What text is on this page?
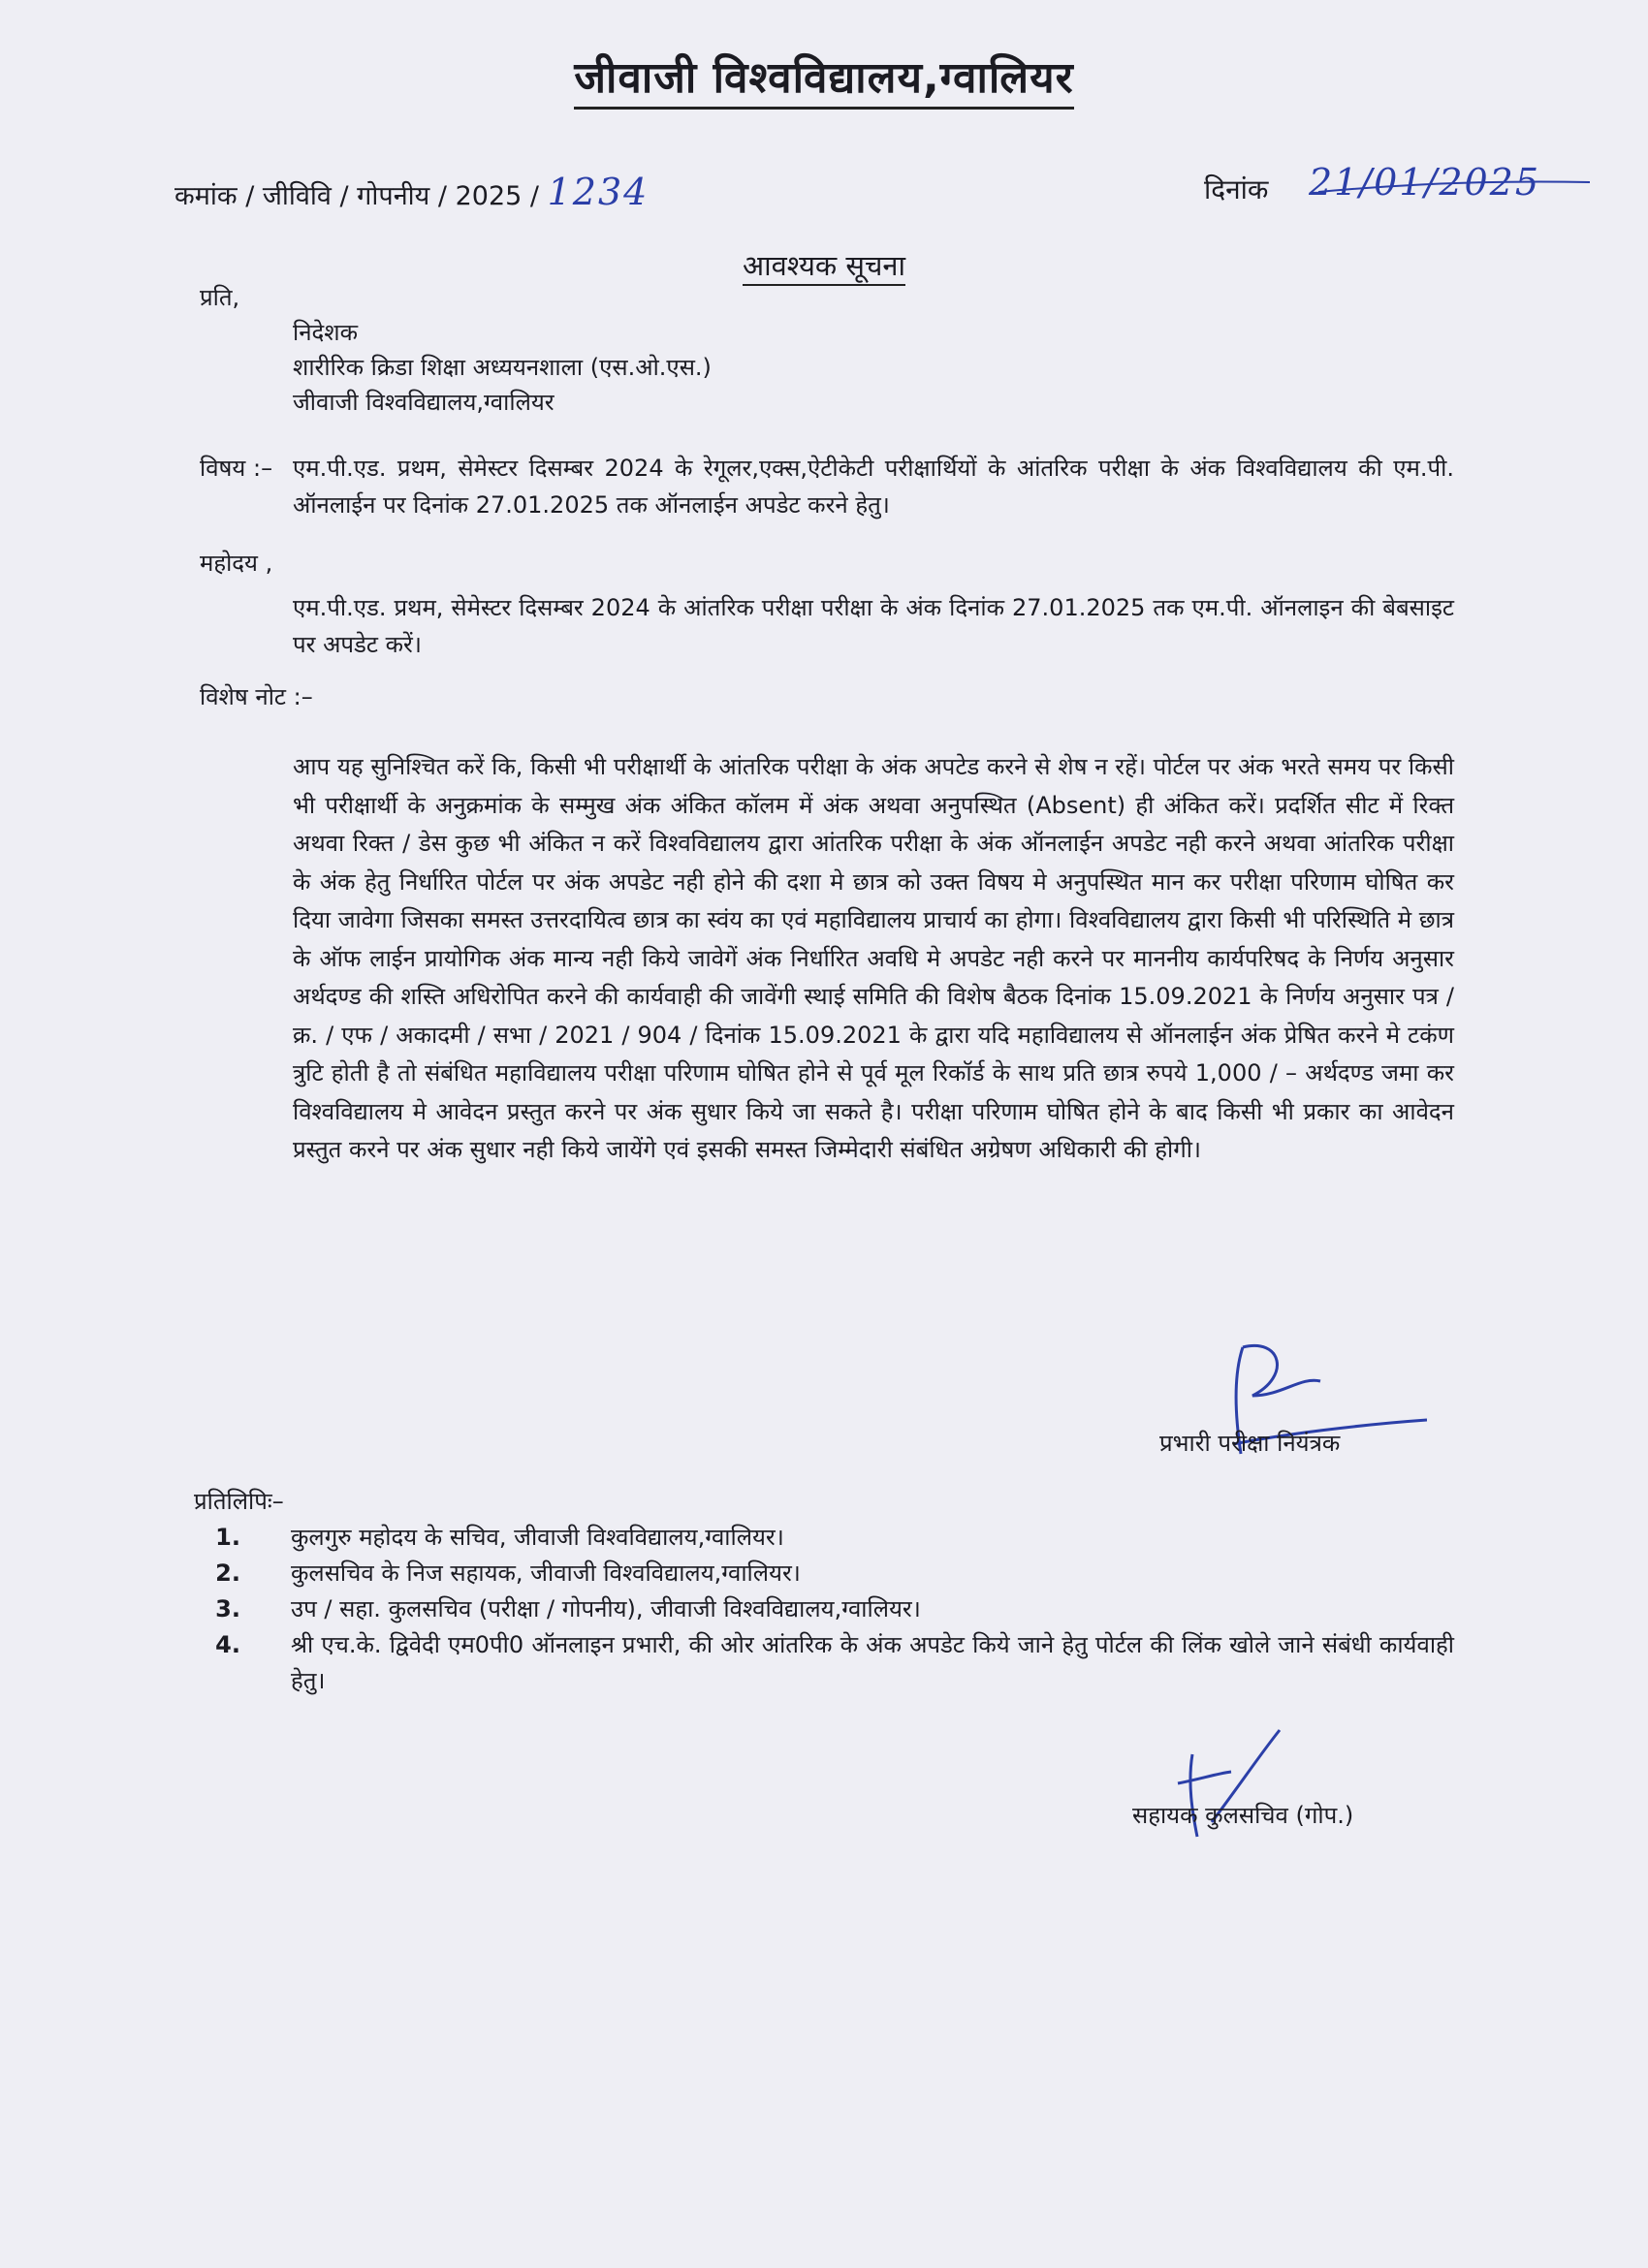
जीवाजी विश्वविद्यालय,ग्वालियर
कमांक / जीविवि / गोपनीय / 2025 / 1234	दिनांक 21/01/2025
आवश्यक सूचना
प्रति,
निदेशक
शारीरिक क्रिडा शिक्षा अध्ययनशाला (एस.ओ.एस.)
जीवाजी विश्वविद्यालय,ग्वालियर
विषय :– एम.पी.एड. प्रथम, सेमेस्टर दिसम्बर 2024 के रेगूलर,एक्स,ऐटीकेटी परीक्षार्थियों के आंतरिक परीक्षा के अंक विश्वविद्यालय की एम.पी. ऑनलाईन पर दिनांक 27.01.2025 तक ऑनलाईन अपडेट करने हेतु।
महोदय ,
एम.पी.एड. प्रथम, सेमेस्टर दिसम्बर 2024 के आंतरिक परीक्षा परीक्षा के अंक दिनांक 27.01.2025 तक एम.पी. ऑनलाइन की बेबसाइट पर अपडेट करें।
विशेष नोट :–
आप यह सुनिश्चित करें कि, किसी भी परीक्षार्थी के आंतरिक परीक्षा के अंक अपटेड करने से शेष न रहें। पोर्टल पर अंक भरते समय पर किसी भी परीक्षार्थी के अनुक्रमांक के सम्मुख अंक अंकित कॉलम में अंक अथवा अनुपस्थित (Absent) ही अंकित करें। प्रदर्शित सीट में रिक्त अथवा रिक्त / डेस कुछ भी अंकित न करें विश्वविद्यालय द्वारा आंतरिक परीक्षा के अंक ऑनलाईन अपडेट नही करने अथवा आंतरिक परीक्षा के अंक हेतु निर्धारित पोर्टल पर अंक अपडेट नही होने की दशा मे छात्र को उक्त विषय मे अनुपस्थित मान कर परीक्षा परिणाम घोषित कर दिया जावेगा जिसका समस्त उत्तरदायित्व छात्र का स्वंय का एवं महाविद्यालय प्राचार्य का होगा। विश्वविद्यालय द्वारा किसी भी परिस्थिति मे छात्र के ऑफ लाईन प्रायोगिक अंक मान्य नही किये जावेगें अंक निर्धारित अवधि मे अपडेट नही करने पर माननीय कार्यपरिषद के निर्णय अनुसार अर्थदण्ड की शस्ति अधिरोपित करने की कार्यवाही की जावेंगी स्थाई समिति की विशेष बैठक दिनांक 15.09.2021 के निर्णय अनुसार पत्र / क्र. / एफ / अकादमी / सभा / 2021 / 904 / दिनांक 15.09.2021 के द्वारा यदि महाविद्यालय से ऑनलाईन अंक प्रेषित करने मे टकंण त्रुटि होती है तो संबंधित महाविद्यालय परीक्षा परिणाम घोषित होने से पूर्व मूल रिकॉर्ड के साथ प्रति छात्र रुपये 1,000 / – अर्थदण्ड जमा कर विश्वविद्यालय मे आवेदन प्रस्तुत करने पर अंक सुधार किये जा सकते है। परीक्षा परिणाम घोषित होने के बाद किसी भी प्रकार का आवेदन प्रस्तुत करने पर अंक सुधार नही किये जायेंगे एवं इसकी समस्त जिम्मेदारी संबंधित अग्रेषण अधिकारी की होगी।
प्रभारी परीक्षा नियंत्रक
प्रतिलिपिः–
1. कुलगुरु महोदय के सचिव, जीवाजी विश्वविद्यालय,ग्वालियर।
2. कुलसचिव के निज सहायक, जीवाजी विश्वविद्यालय,ग्वालियर।
3. उप / सहा. कुलसचिव (परीक्षा / गोपनीय), जीवाजी विश्वविद्यालय,ग्वालियर।
4. श्री एच.के. द्विवेदी एम0पी0 ऑनलाइन प्रभारी, की ओर आंतरिक के अंक अपडेट किये जाने हेतु पोर्टल की लिंक खोले जाने संबंधी कार्यवाही हेतु।
सहायक कुलसचिव (गोप.)
